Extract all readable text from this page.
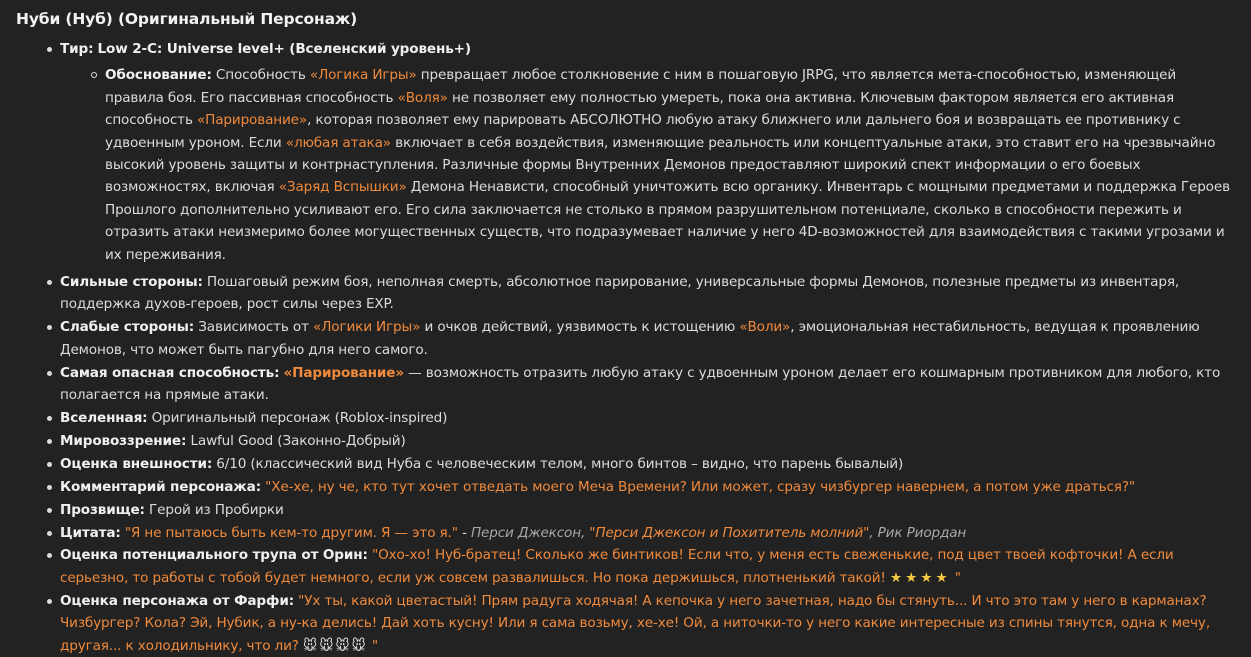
Нуби (Нуб) (Оригинальный Персонаж)
Тир: Low 2-C: Universe level+ (Вселенский уровень+)
Обоснование: Способность «Логика Игры» превращает любое столкновение с ним в пошаговую JRPG, что является мета-способностью, изменяющей правила боя. Его пассивная способность «Воля» не позволяет ему полностью умереть, пока она активна. Ключевым фактором является его активная способность «Парирование», которая позволяет ему парировать АБСОЛЮТНО любую атаку ближнего или дальнего боя и возвращать ее противнику с удвоенным уроном. Если «любая атака» включает в себя воздействия, изменяющие реальность или концептуальные атаки, это ставит его на чрезвычайно высокий уровень защиты и контрнаступления. Различные формы Внутренних Демонов предоставляют широкий спект информации о его боевых возможностях, включая «Заряд Вспышки» Демона Ненависти, способный уничтожить всю органику. Инвентарь с мощными предметами и поддержка Героев Прошлого дополнительно усиливают его. Его сила заключается не столько в прямом разрушительном потенциале, сколько в способности пережить и отразить атаки неизмеримо более могущественных существ, что подразумевает наличие у него 4D-возможностей для взаимодействия с такими угрозами и их переживания.
Сильные стороны: Пошаговый режим боя, неполная смерть, абсолютное парирование, универсальные формы Демонов, полезные предметы из инвентаря, поддержка духов-героев, рост силы через EXP.
Слабые стороны: Зависимость от «Логики Игры» и очков действий, уязвимость к истощению «Воли», эмоциональная нестабильность, ведущая к проявлению Демонов, что может быть пагубно для него самого.
Самая опасная способность: «Парирование» — возможность отразить любую атаку с удвоенным уроном делает его кошмарным противником для любого, кто полагается на прямые атаки.
Вселенная: Оригинальный персонаж (Roblox-inspired)
Мировоззрение: Lawful Good (Законно-Добрый)
Оценка внешности: 6/10 (классический вид Нуба с человеческим телом, много бинтов – видно, что парень бывалый)
Комментарий персонажа: "Хе-хе, ну че, кто тут хочет отведать моего Меча Времени? Или может, сразу чизбургер навернем, а потом уже драться?"
Прозвище: Герой из Пробирки
Цитата: "Я не пытаюсь быть кем-то другим. Я — это я." - Перси Джексон, "Перси Джексон и Похититель молний", Рик Риордан
Оценка потенциального трупа от Орин: "Охо-хо! Нуб-братец! Сколько же бинтиков! Если что, у меня есть свеженькие, под цвет твоей кофточки! А если серьезно, то работы с тобой будет немного, если уж совсем развалишься. Но пока держишься, плотненький такой! ★★★★ "
Оценка персонажа от Фарфи: "Ух ты, какой цветастый! Прям радуга ходячая! А кепочка у него зачетная, надо бы стянуть... И что это там у него в карманах? Чизбургер? Кола? Эй, Нубик, а ну-ка делись! Дай хоть кусну! Или я сама возьму, хе-хе! Ой, а ниточки-то у него какие интересные из спины тянутся, одна к мечу, другая... к холодильнику, что ли? 🐭🐭🐭🐭 "
